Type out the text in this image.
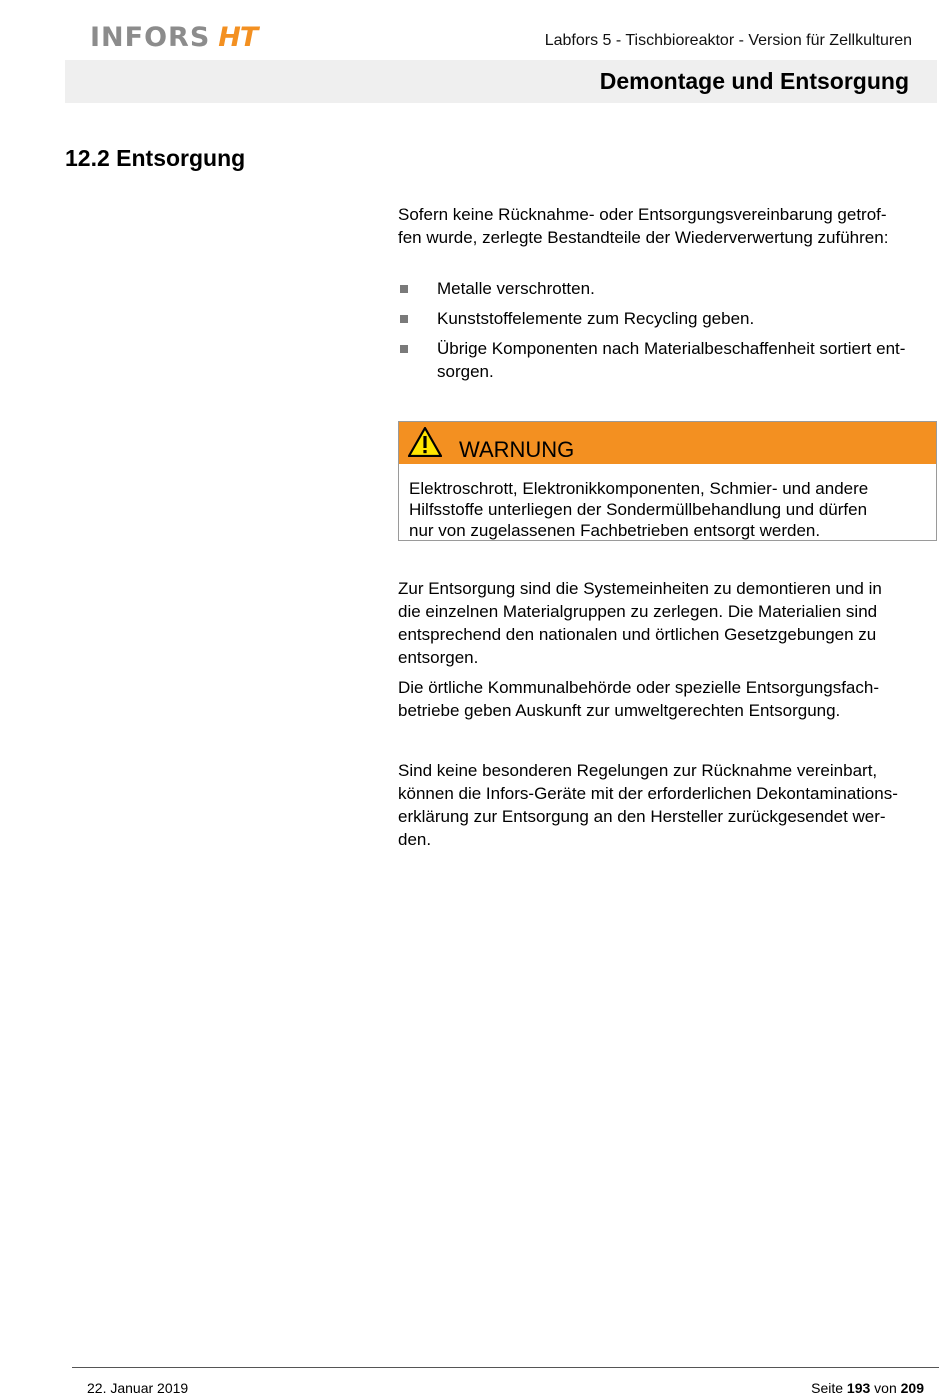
INFORS HT	Labfors 5 - Tischbioreaktor - Version für Zellkulturen
Demontage und Entsorgung
12.2 Entsorgung
Sofern keine Rücknahme- oder Entsorgungsvereinbarung getrof-
fen wurde, zerlegte Bestandteile der Wiederverwertung zuführen:
Metalle verschrotten.
Kunststoffelemente zum Recycling geben.
Übrige Komponenten nach Materialbeschaffenheit sortiert ent-
sorgen.
WARNUNG
Elektroschrott, Elektronikkomponenten, Schmier- und andere
Hilfsstoffe unterliegen der Sondermüllbehandlung und dürfen
nur von zugelassenen Fachbetrieben entsorgt werden.
Zur Entsorgung sind die Systemeinheiten zu demontieren und in
die einzelnen Materialgruppen zu zerlegen. Die Materialien sind
entsprechend den nationalen und örtlichen Gesetzgebungen zu
entsorgen.
Die örtliche Kommunalbehörde oder spezielle Entsorgungsfach-
betriebe geben Auskunft zur umweltgerechten Entsorgung.
Sind keine besonderen Regelungen zur Rücknahme vereinbart,
können die Infors-Geräte mit der erforderlichen Dekontaminations-
erklärung zur Entsorgung an den Hersteller zurückgesendet wer-
den.
22. Januar 2019	Seite 193 von 209
